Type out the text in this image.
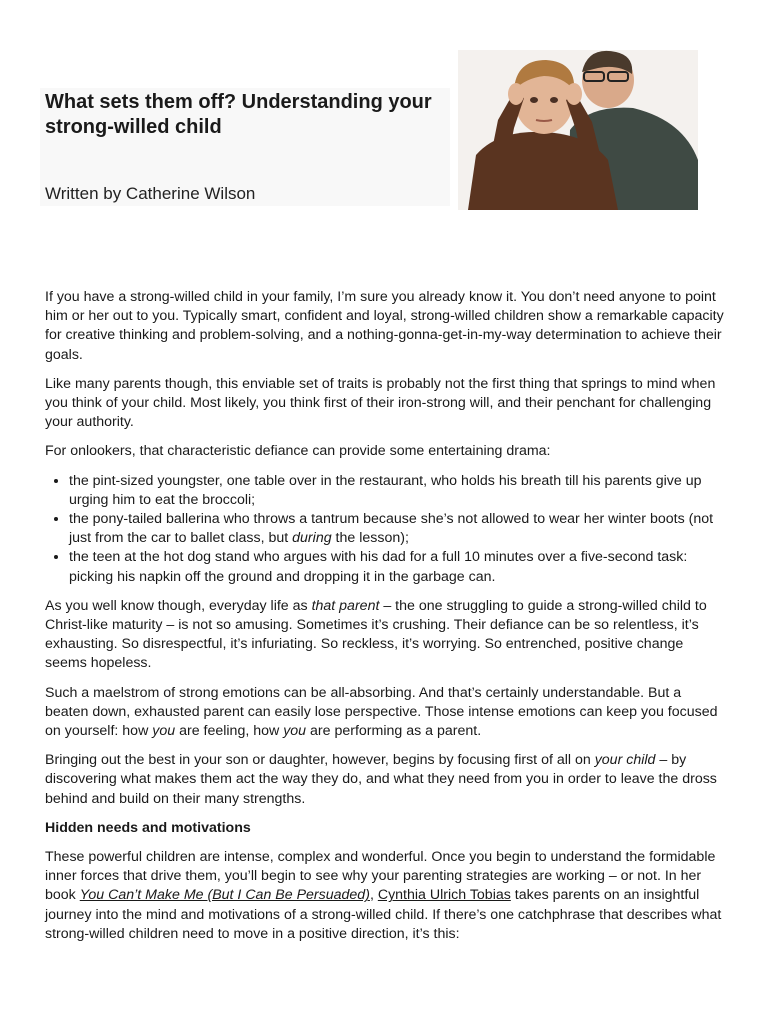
What sets them off? Understanding your strong-willed child
Written by Catherine Wilson

If you have a strong-willed child in your family, I’m sure you already know it. You don’t need anyone to point him or her out to you. Typically smart, confident and loyal, strong-willed children show a remarkable capacity for creative thinking and problem-solving, and a nothing-gonna-get-in-my-way determination to achieve their goals.

Like many parents though, this enviable set of traits is probably not the first thing that springs to mind when you think of your child. Most likely, you think first of their iron-strong will, and their penchant for challenging your authority.

For onlookers, that characteristic defiance can provide some entertaining drama:

• the pint-sized youngster, one table over in the restaurant, who holds his breath till his parents give up urging him to eat the broccoli;
• the pony-tailed ballerina who throws a tantrum because she’s not allowed to wear her winter boots (not just from the car to ballet class, but during the lesson);
• the teen at the hot dog stand who argues with his dad for a full 10 minutes over a five-second task: picking his napkin off the ground and dropping it in the garbage can.

As you well know though, everyday life as that parent – the one struggling to guide a strong-willed child to Christ-like maturity – is not so amusing. Sometimes it’s crushing. Their defiance can be so relentless, it’s exhausting. So disrespectful, it’s infuriating. So reckless, it’s worrying. So entrenched, positive change seems hopeless.

Such a maelstrom of strong emotions can be all-absorbing. And that’s certainly understandable. But a beaten down, exhausted parent can easily lose perspective. Those intense emotions can keep you focused on yourself: how you are feeling, how you are performing as a parent.

Bringing out the best in your son or daughter, however, begins by focusing first of all on your child – by discovering what makes them act the way they do, and what they need from you in order to leave the dross behind and build on their many strengths.

Hidden needs and motivations

These powerful children are intense, complex and wonderful. Once you begin to understand the formidable inner forces that drive them, you’ll begin to see why your parenting strategies are working – or not. In her book You Can’t Make Me (But I Can Be Persuaded), Cynthia Ulrich Tobias takes parents on an insightful journey into the mind and motivations of a strong-willed child. If there’s one catchphrase that describes what strong-willed children need to move in a positive direction, it’s this:
